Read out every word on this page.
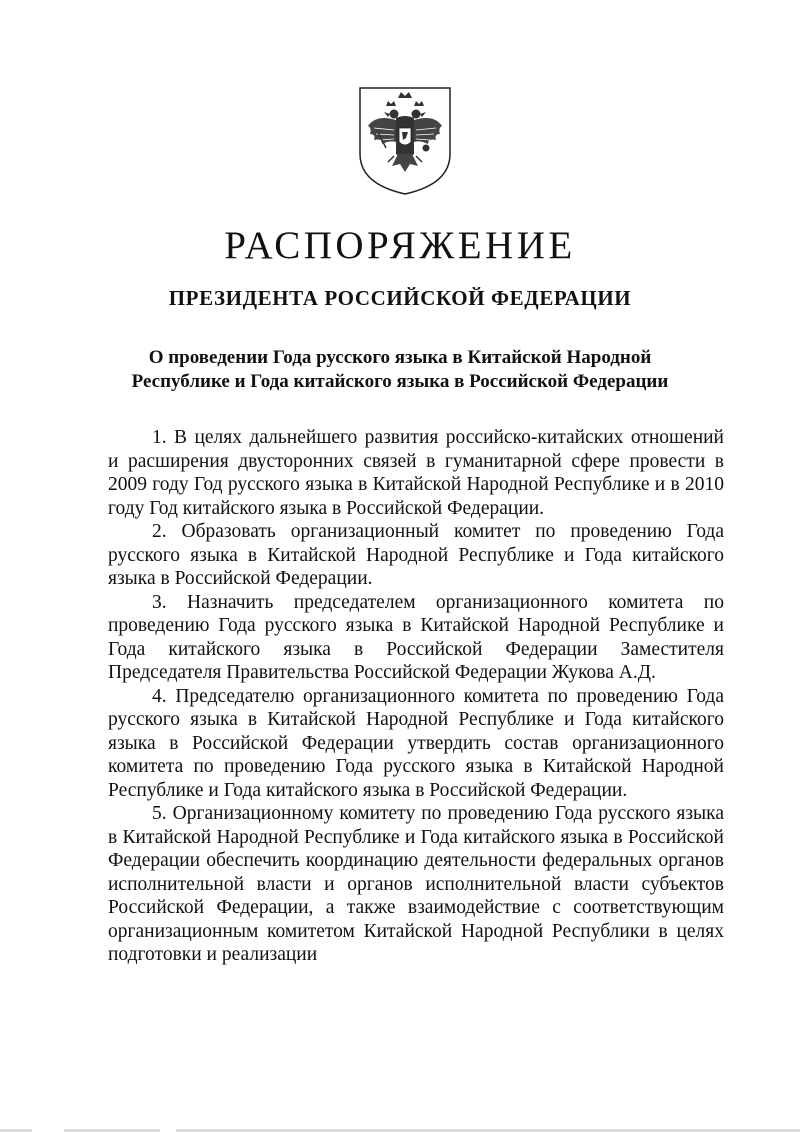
РАСПОРЯЖЕНИЕ
ПРЕЗИДЕНТА РОССИЙСКОЙ ФЕДЕРАЦИИ
О проведении Года русского языка в Китайской Народной
Республике и Года китайского языка в Российской Федерации

1. В целях дальнейшего развития российско-китайских отношений и расширения двусторонних связей в гуманитарной сфере провести в 2009 году Год русского языка в Китайской Народной Республике и в 2010 году Год китайского языка в Российской Федерации.

2. Образовать организационный комитет по проведению Года русского языка в Китайской Народной Республике и Года китайского языка в Российской Федерации.

3. Назначить председателем организационного комитета по проведению Года русского языка в Китайской Народной Республике и Года китайского языка в Российской Федерации Заместителя Председателя Правительства Российской Федерации Жукова А.Д.

4. Председателю организационного комитета по проведению Года русского языка в Китайской Народной Республике и Года китайского языка в Российской Федерации утвердить состав организационного комитета по проведению Года русского языка в Китайской Народной Республике и Года китайского языка в Российской Федерации.

5. Организационному комитету по проведению Года русского языка в Китайской Народной Республике и Года китайского языка в Российской Федерации обеспечить координацию деятельности федеральных органов исполнительной власти и органов исполнительной власти субъектов Российской Федерации, а также взаимодействие с соответствующим организационным комитетом Китайской Народной Республики в целях подготовки и реализации
